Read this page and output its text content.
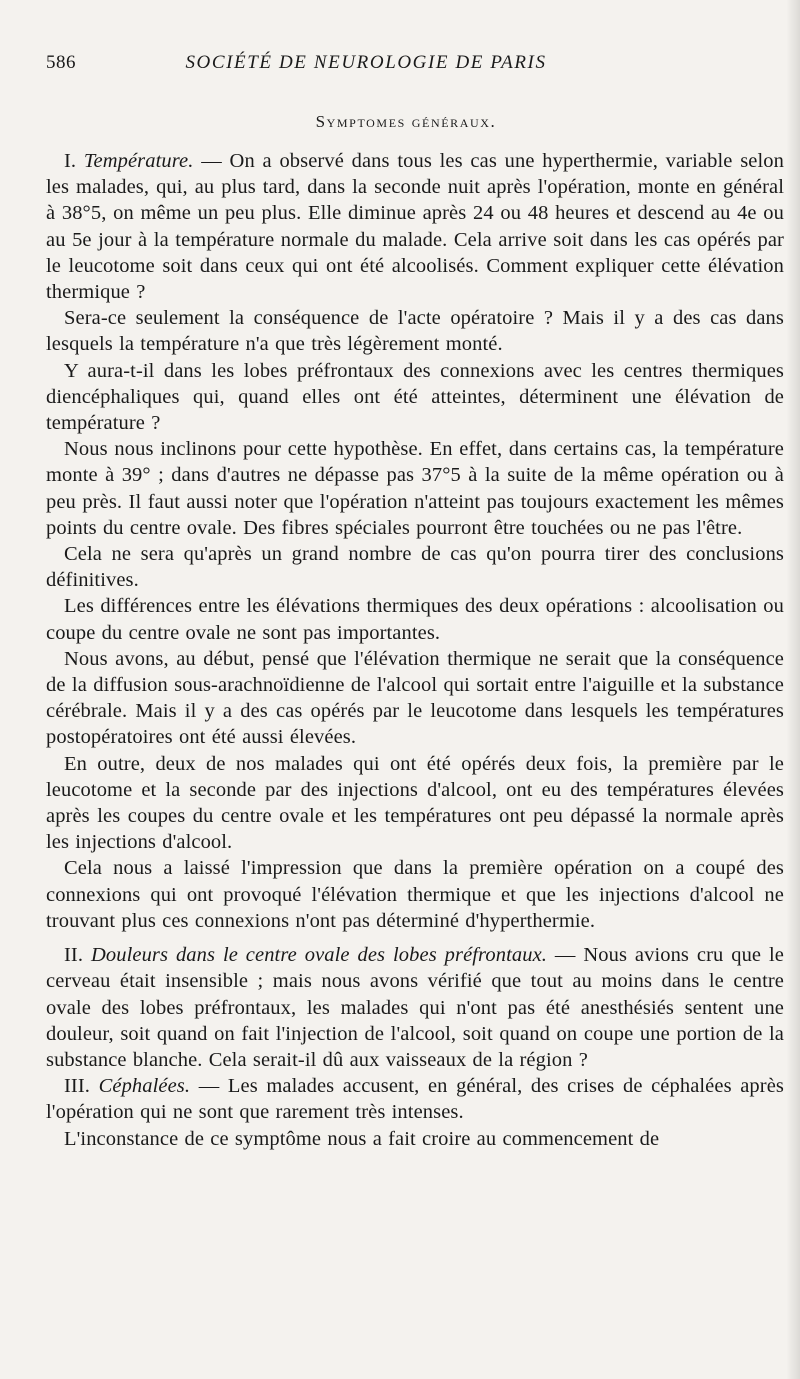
586	SOCIÉTÉ DE NEUROLOGIE DE PARIS
Symptomes généraux.

I. Température. — On a observé dans tous les cas une hyperthermie, variable selon les malades, qui, au plus tard, dans la seconde nuit après l'opération, monte en général à 38°5, on même un peu plus. Elle diminue après 24 ou 48 heures et descend au 4e ou au 5e jour à la température normale du malade. Cela arrive soit dans les cas opérés par le leucotome soit dans ceux qui ont été alcoolisés. Comment expliquer cette élévation thermique ?

Sera-ce seulement la conséquence de l'acte opératoire ? Mais il y a des cas dans lesquels la température n'a que très légèrement monté.

Y aura-t-il dans les lobes préfrontaux des connexions avec les centres thermiques diencéphaliques qui, quand elles ont été atteintes, déterminent une élévation de température ?

Nous nous inclinons pour cette hypothèse. En effet, dans certains cas, la température monte à 39° ; dans d'autres ne dépasse pas 37°5 à la suite de la même opération ou à peu près. Il faut aussi noter que l'opération n'atteint pas toujours exactement les mêmes points du centre ovale. Des fibres spéciales pourront être touchées ou ne pas l'être.

Cela ne sera qu'après un grand nombre de cas qu'on pourra tirer des conclusions définitives.

Les différences entre les élévations thermiques des deux opérations : alcoolisation ou coupe du centre ovale ne sont pas importantes.

Nous avons, au début, pensé que l'élévation thermique ne serait que la conséquence de la diffusion sous-arachnoïdienne de l'alcool qui sortait entre l'aiguille et la substance cérébrale. Mais il y a des cas opérés par le leucotome dans lesquels les températures postopératoires ont été aussi élevées.

En outre, deux de nos malades qui ont été opérés deux fois, la première par le leucotome et la seconde par des injections d'alcool, ont eu des températures élevées après les coupes du centre ovale et les températures ont peu dépassé la normale après les injections d'alcool.

Cela nous a laissé l'impression que dans la première opération on a coupé des connexions qui ont provoqué l'élévation thermique et que les injections d'alcool ne trouvant plus ces connexions n'ont pas déterminé d'hyperthermie.

II. Douleurs dans le centre ovale des lobes préfrontaux. — Nous avions cru que le cerveau était insensible ; mais nous avons vérifié que tout au moins dans le centre ovale des lobes préfrontaux, les malades qui n'ont pas été anesthésiés sentent une douleur, soit quand on fait l'injection de l'alcool, soit quand on coupe une portion de la substance blanche. Cela serait-il dû aux vaisseaux de la région ?

III. Céphalées. — Les malades accusent, en général, des crises de céphalées après l'opération qui ne sont que rarement très intenses.

L'inconstance de ce symptôme nous a fait croire au commencement de
